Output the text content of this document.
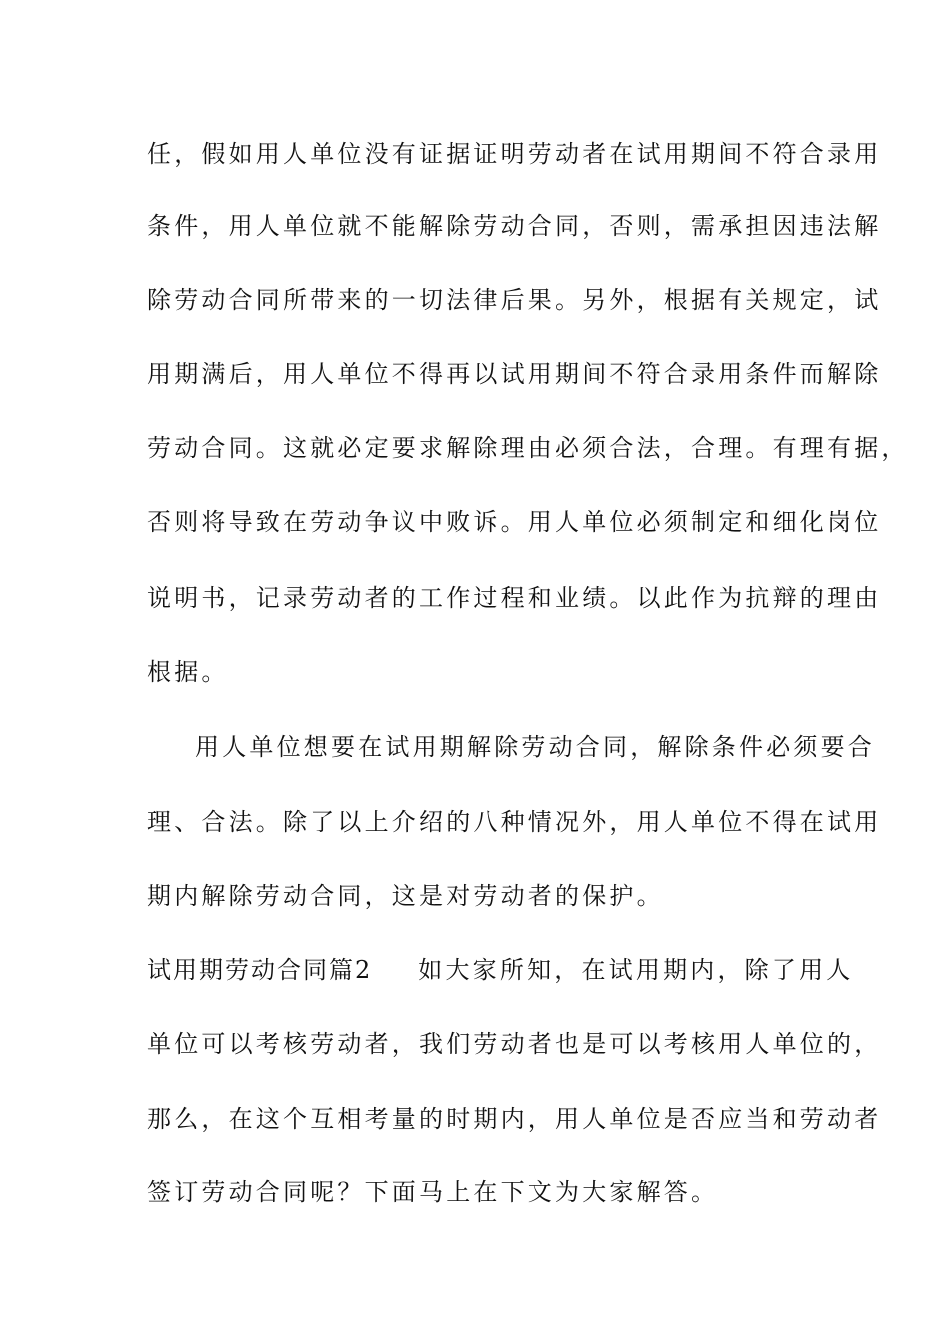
任，假如用人单位没有证据证明劳动者在试用期间不符合录用
条件，用人单位就不能解除劳动合同，否则，需承担因违法解
除劳动合同所带来的一切法律后果。另外，根据有关规定，试
用期满后，用人单位不得再以试用期间不符合录用条件而解除
劳动合同。这就必定要求解除理由必须合法，合理。有理有据，
否则将导致在劳动争议中败诉。用人单位必须制定和细化岗位
说明书，记录劳动者的工作过程和业绩。以此作为抗辩的理由
根据。
用人单位想要在试用期解除劳动合同，解除条件必须要合
理、合法。除了以上介绍的八种情况外，用人单位不得在试用
期内解除劳动合同，这是对劳动者的保护。
试用期劳动合同篇2 如大家所知，在试用期内，除了用人
单位可以考核劳动者，我们劳动者也是可以考核用人单位的，
那么，在这个互相考量的时期内，用人单位是否应当和劳动者
签订劳动合同呢？下面马上在下文为大家解答。
